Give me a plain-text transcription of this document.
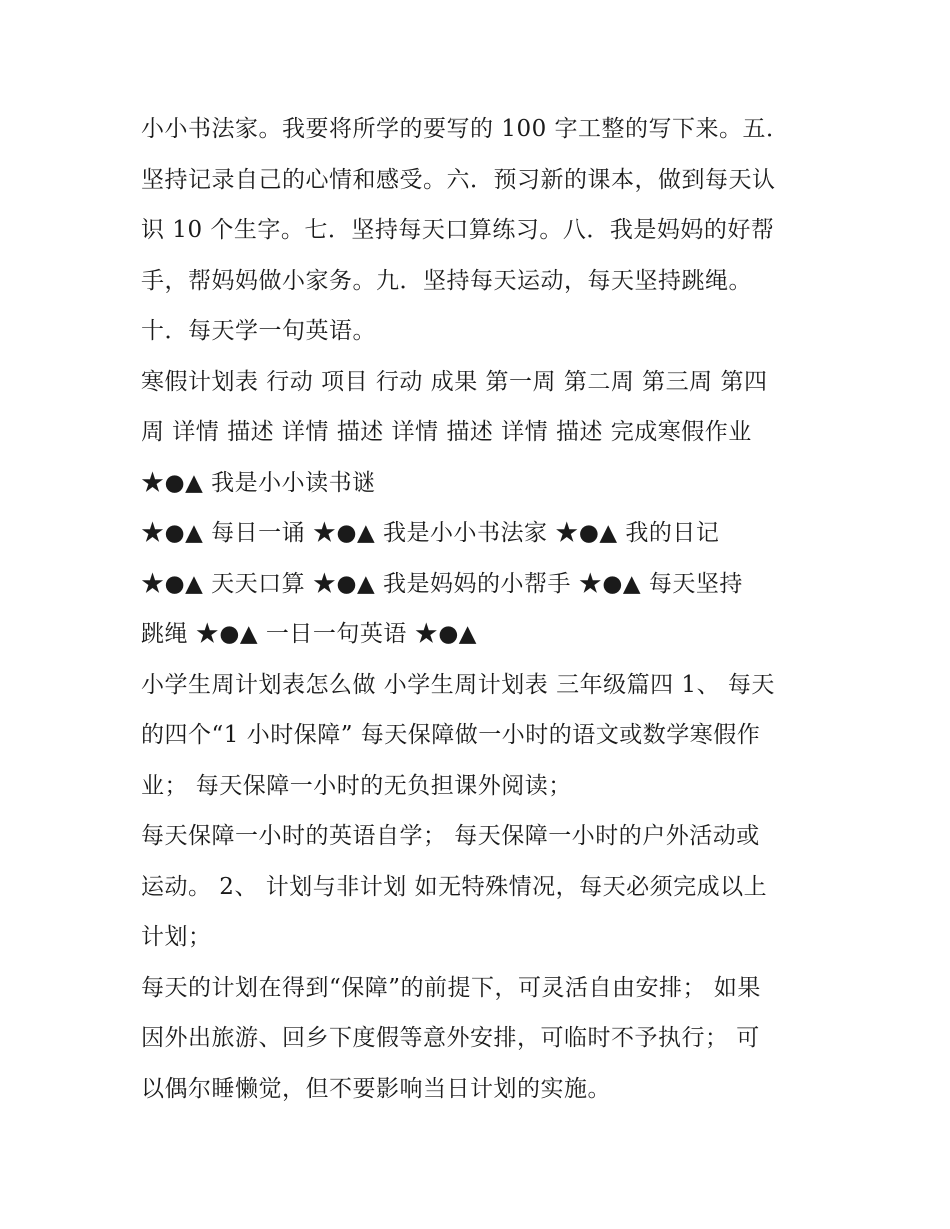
小小书法家。我要将所学的要写的 100 字工整的写下来。五．
坚持记录自己的心情和感受。六．预习新的课本，做到每天认
识 10 个生字。七．坚持每天口算练习。八．我是妈妈的好帮
手，帮妈妈做小家务。九．坚持每天运动，每天坚持跳绳。
十．每天学一句英语。
寒假计划表 行动 项目 行动 成果 第一周 第二周 第三周 第四
周 详情 描述 详情 描述 详情 描述 详情 描述 完成寒假作业
★●▲ 我是小小读书谜
★●▲ 每日一诵 ★●▲ 我是小小书法家 ★●▲ 我的日记
★●▲ 天天口算 ★●▲ 我是妈妈的小帮手 ★●▲ 每天坚持
跳绳 ★●▲ 一日一句英语 ★●▲
小学生周计划表怎么做 小学生周计划表 三年级篇四 1、 每天
的四个“1 小时保障” 每天保障做一小时的语文或数学寒假作
业； 每天保障一小时的无负担课外阅读；
每天保障一小时的英语自学； 每天保障一小时的户外活动或
运动。 2、 计划与非计划 如无特殊情况，每天必须完成以上
计划；
每天的计划在得到“保障”的前提下，可灵活自由安排； 如果
因外出旅游、回乡下度假等意外安排，可临时不予执行； 可
以偶尔睡懒觉，但不要影响当日计划的实施。
